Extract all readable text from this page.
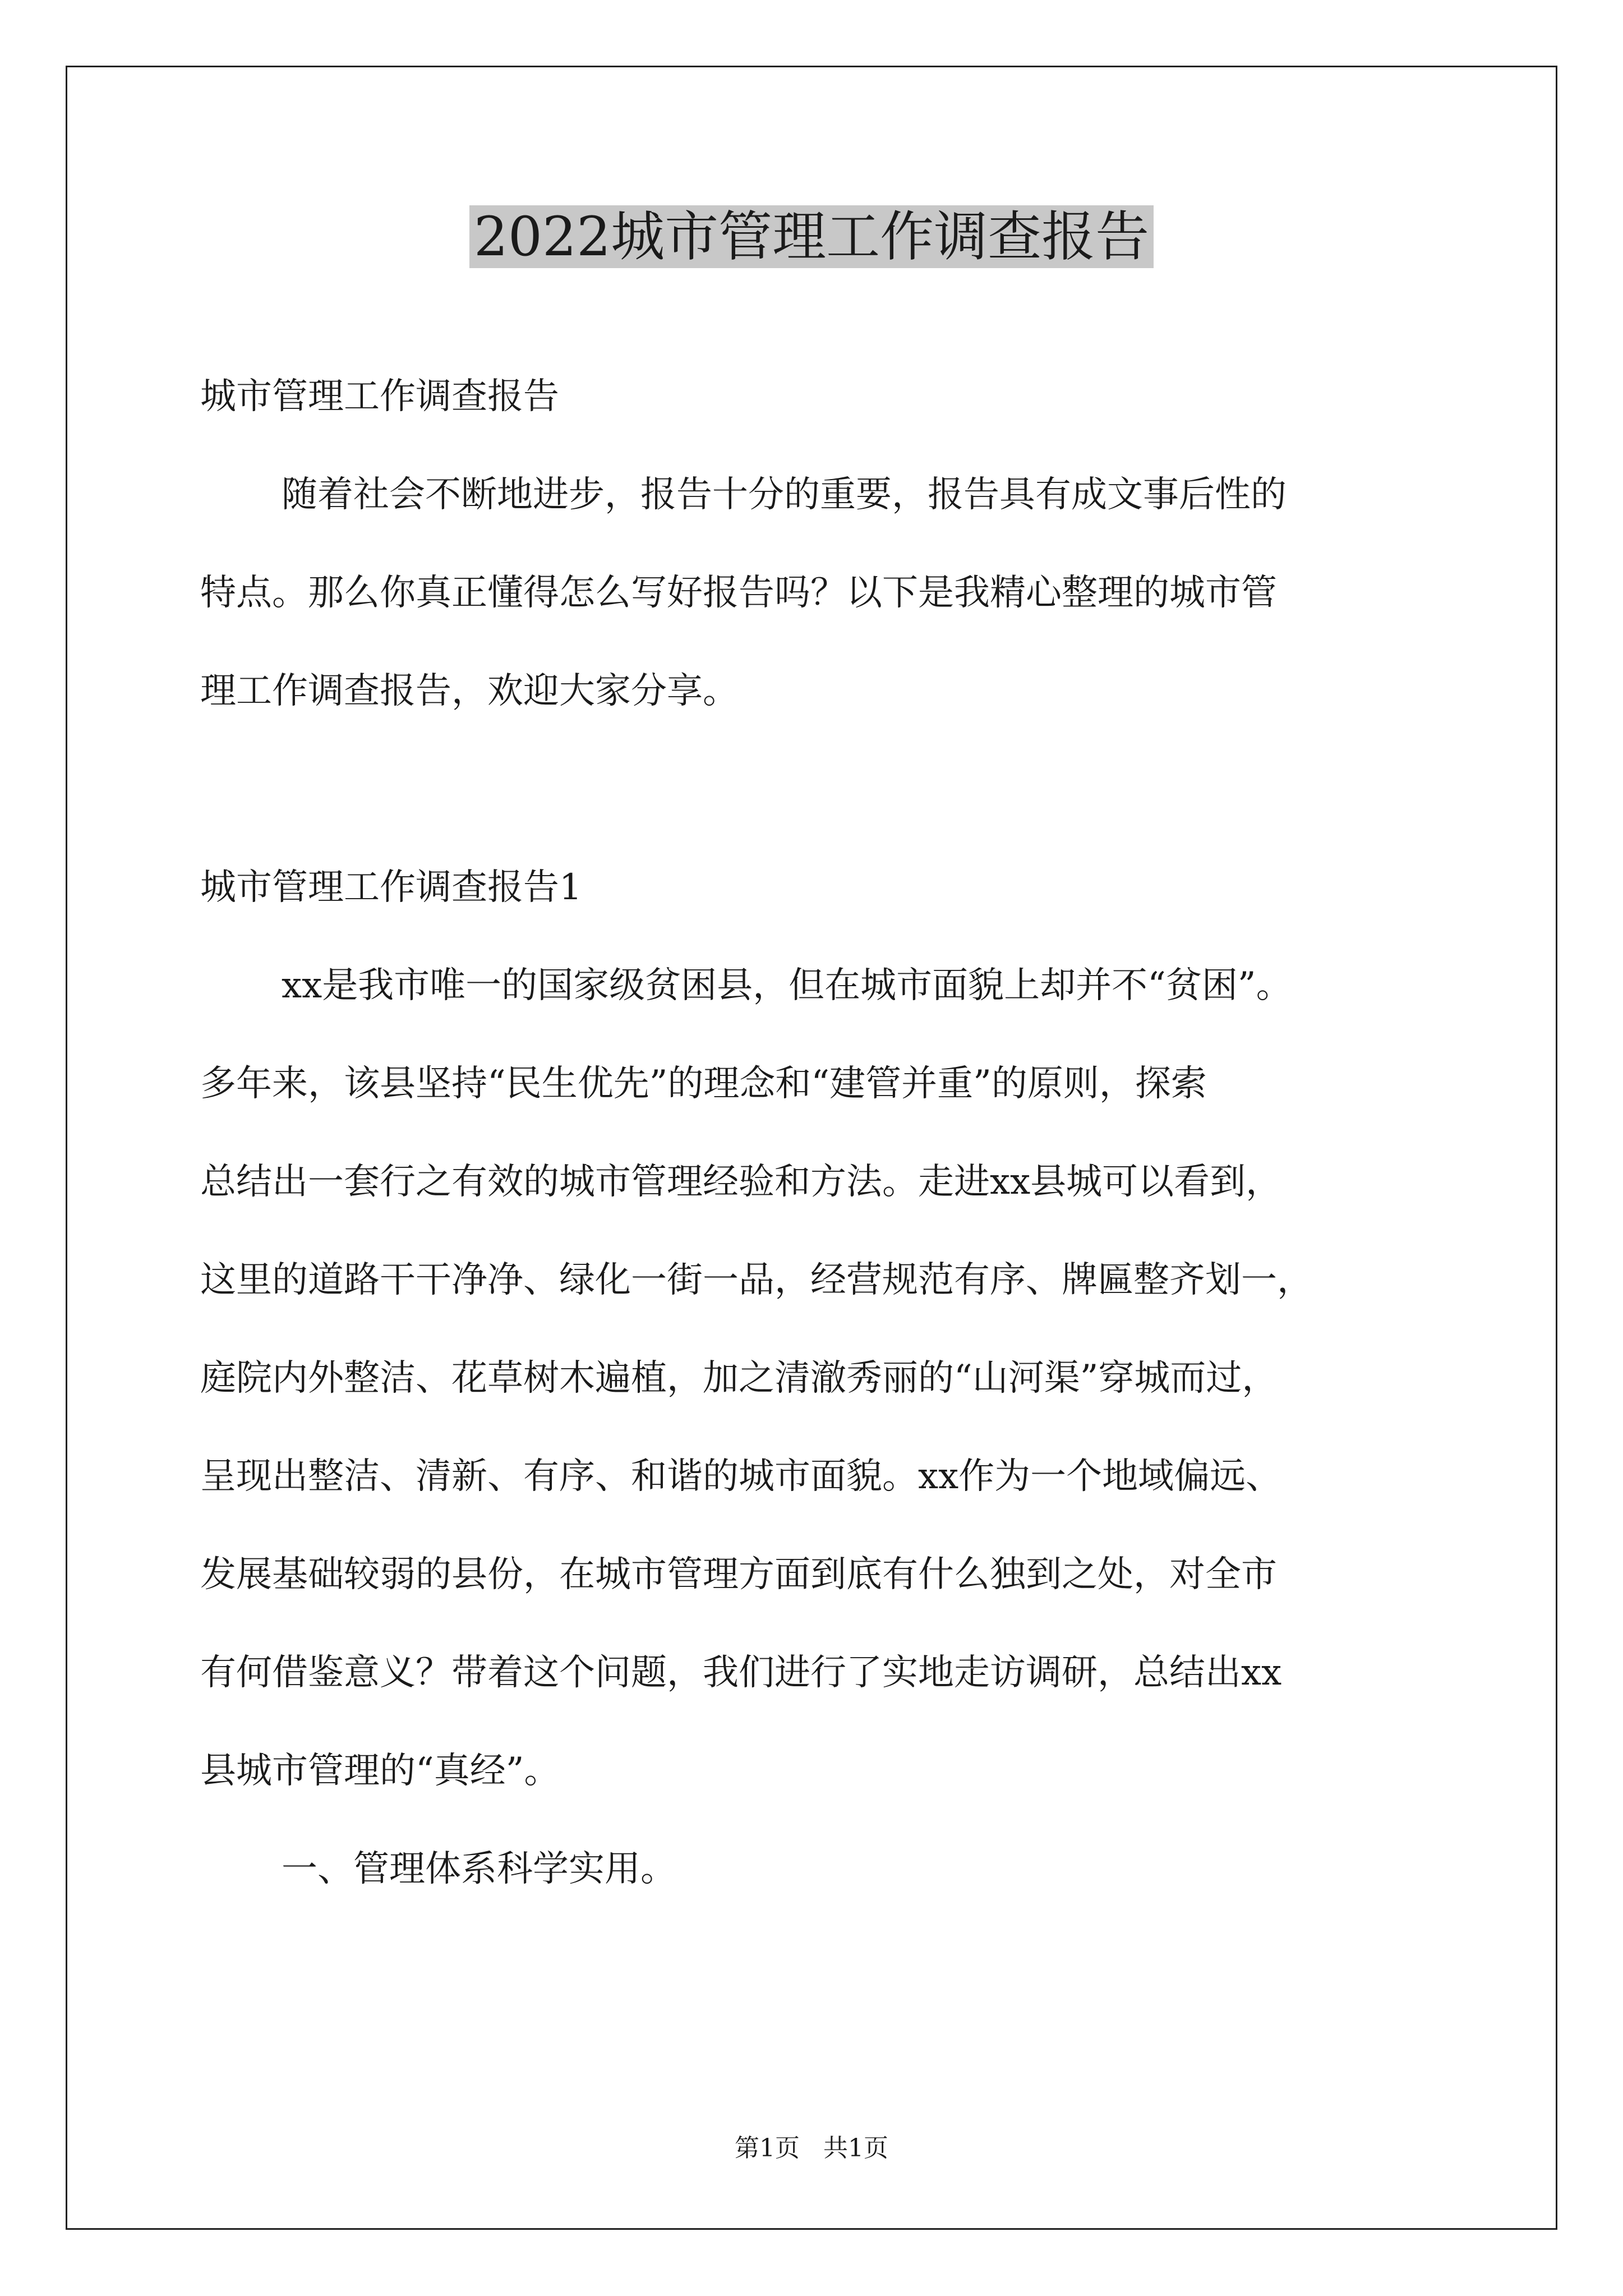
2022城市管理工作调查报告

城市管理工作调查报告

随着社会不断地进步，报告十分的重要，报告具有成文事后性的

特点。那么你真正懂得怎么写好报告吗？以下是我精心整理的城市管

理工作调查报告，欢迎大家分享。

城市管理工作调查报告1

xx是我市唯一的国家级贫困县，但在城市面貌上却并不“贫困”。

多年来，该县坚持“民生优先”的理念和“建管并重”的原则，探索

总结出一套行之有效的城市管理经验和方法。走进xx县城可以看到，

这里的道路干干净净、绿化一街一品，经营规范有序、牌匾整齐划一，

庭院内外整洁、花草树木遍植，加之清澈秀丽的“山河渠”穿城而过，

呈现出整洁、清新、有序、和谐的城市面貌。xx作为一个地域偏远、

发展基础较弱的县份，在城市管理方面到底有什么独到之处，对全市

有何借鉴意义？带着这个问题，我们进行了实地走访调研，总结出xx

县城市管理的“真经”。

一、管理体系科学实用。

第1页   共1页
